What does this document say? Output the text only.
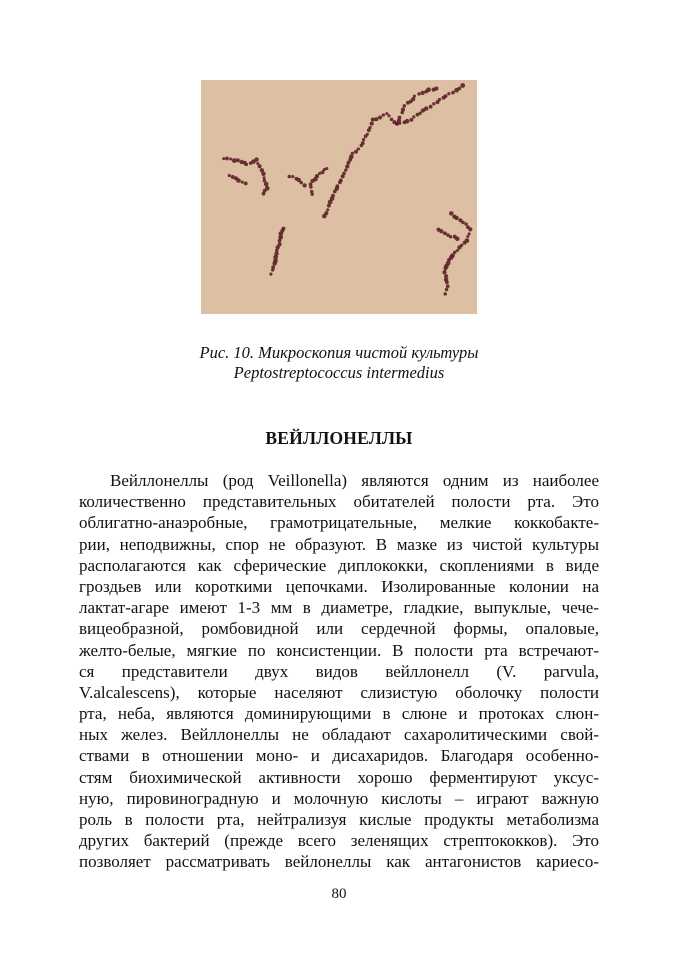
Рис. 10. Микроскопия чистой культуры
Peptostreptococcus intermedius
ВЕЙЛЛОНЕЛЛЫ
Вейллонеллы (род Veillonella) являются одним из наиболее
количественно представительных обитателей полости рта. Это
облигатно-анаэробные, грамотрицательные, мелкие коккобакте-
рии, неподвижны, спор не образуют. В мазке из чистой культуры
располагаются как сферические диплококки, скоплениями в виде
гроздьев или короткими цепочками. Изолированные колонии на
лактат-агаре имеют 1-3 мм в диаметре, гладкие, выпуклые, чече-
вицеобразной, ромбовидной или сердечной формы, опаловые,
желто-белые, мягкие по консистенции. В полости рта встречают-
ся представители двух видов вейллонелл (V. parvula,
V.alcalescens), которые населяют слизистую оболочку полости
рта, неба, являются доминирующими в слюне и протоках слюн-
ных желез. Вейллонеллы не обладают сахаролитическими свой-
ствами в отношении моно- и дисахаридов. Благодаря особенно-
стям биохимической активности хорошо ферментируют уксус-
ную, пировиноградную и молочную кислоты – играют важную
роль в полости рта, нейтрализуя кислые продукты метаболизма
других бактерий (прежде всего зеленящих стрептококков). Это
позволяет рассматривать вейлонеллы как антагонистов кариесо-
80
